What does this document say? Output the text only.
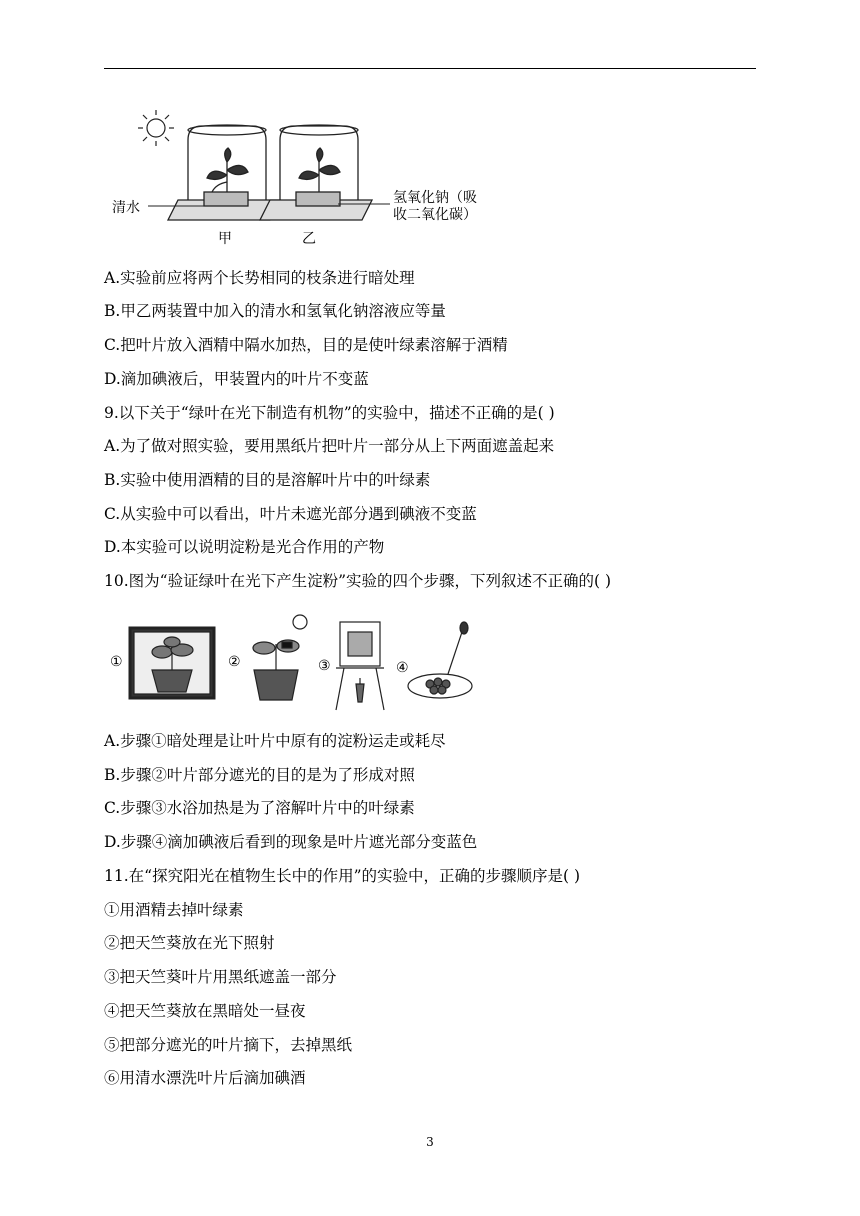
清水
氢氧化钠（吸
收二氧化碳）
甲	乙
A.实验前应将两个长势相同的枝条进行暗处理
B.甲乙两装置中加入的清水和氢氧化钠溶液应等量
C.把叶片放入酒精中隔水加热，目的是使叶绿素溶解于酒精
D.滴加碘液后，甲装置内的叶片不变蓝
9.以下关于“绿叶在光下制造有机物”的实验中，描述不正确的是( )
A.为了做对照实验，要用黑纸片把叶片一部分从上下两面遮盖起来
B.实验中使用酒精的目的是溶解叶片中的叶绿素
C.从实验中可以看出，叶片未遮光部分遇到碘液不变蓝
D.本实验可以说明淀粉是光合作用的产物
10.图为“验证绿叶在光下产生淀粉”实验的四个步骤，下列叙述不正确的( )
①	②	③	④
A.步骤①暗处理是让叶片中原有的淀粉运走或耗尽
B.步骤②叶片部分遮光的目的是为了形成对照
C.步骤③水浴加热是为了溶解叶片中的叶绿素
D.步骤④滴加碘液后看到的现象是叶片遮光部分变蓝色
11.在“探究阳光在植物生长中的作用”的实验中，正确的步骤顺序是( )
①用酒精去掉叶绿素
②把天竺葵放在光下照射
③把天竺葵叶片用黑纸遮盖一部分
④把天竺葵放在黑暗处一昼夜
⑤把部分遮光的叶片摘下，去掉黑纸
⑥用清水漂洗叶片后滴加碘酒
3
